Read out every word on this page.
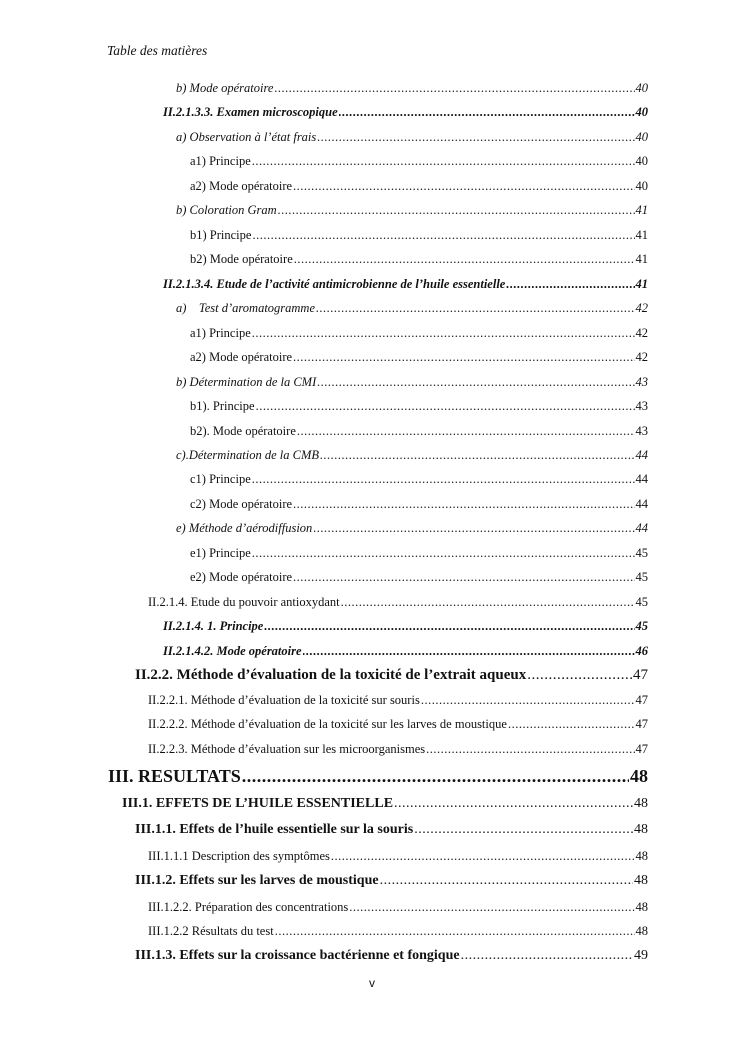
Table des matières
b) Mode opératoire .....	40
II.2.1.3.3. Examen microscopique .....	40
a) Observation à l’état frais .....	40
a1) Principe .....	40
a2) Mode opératoire .....	40
b) Coloration Gram .....	41
b1) Principe .....	41
b2) Mode opératoire .....	41
II.2.1.3.4. Etude de l’activité antimicrobienne de l’huile essentielle .....	41
a)    Test d’aromatogramme .....	42
a1) Principe .....	42
a2) Mode opératoire .....	42
b) Détermination de la CMI .....	43
b1). Principe .....	43
b2). Mode opératoire .....	43
c).Détermination de la CMB .....	44
c1) Principe .....	44
c2) Mode opératoire .....	44
e) Méthode d’aérodiffusion .....	44
e1) Principe .....	45
e2) Mode opératoire .....	45
II.2.1.4. Etude du pouvoir antioxydant .....	45
II.2.1.4. 1. Principe .....	45
II.2.1.4.2. Mode opératoire .....	46
II.2.2. Méthode d’évaluation de la toxicité de l’extrait aqueux .....	47
II.2.2.1. Méthode d’évaluation de la toxicité sur souris .....	47
II.2.2.2. Méthode d’évaluation de la toxicité sur les larves de moustique .....	47
II.2.2.3. Méthode d’évaluation sur les microorganismes .....	47
III. RESULTATS .....	48
III.1. EFFETS DE L’HUILE ESSENTIELLE .....	48
III.1.1. Effets de l’huile essentielle sur la souris .....	48
III.1.1.1 Description des symptômes .....	48
III.1.2. Effets sur les larves de moustique .....	48
III.1.2.2. Préparation des concentrations .....	48
III.1.2.2 Résultats du test .....	48
III.1.3. Effets sur la croissance bactérienne et fongique .....	49
v
